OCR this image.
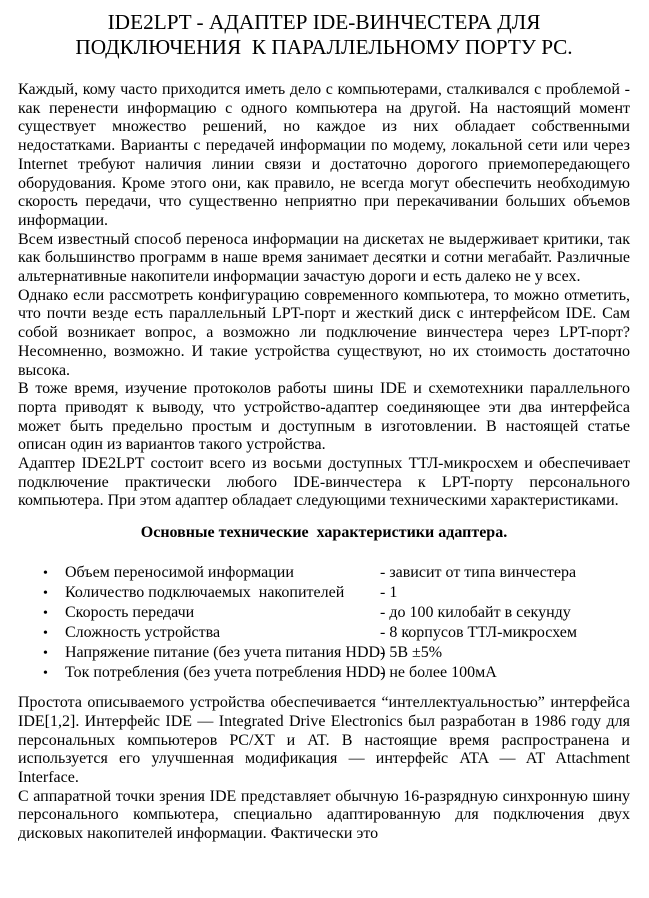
IDE2LPT - АДАПТЕР IDE-ВИНЧЕСТЕРА ДЛЯ
ПОДКЛЮЧЕНИЯ  К ПАРАЛЛЕЛЬНОМУ ПОРТУ PC.

Каждый, кому часто приходится иметь дело с компьютерами, сталкивался с проблемой - как перенести информацию с одного компьютера на другой. На настоящий момент существует множество решений, но каждое из них обладает собственными недостатками. Варианты с передачей информации по модему, локальной сети или через Internet требуют наличия линии связи и достаточно дорогого приемопередающего оборудования. Кроме этого они, как правило, не всегда могут обеспечить необходимую скорость передачи, что существенно неприятно при перекачивании больших объемов информации.

Всем известный способ переноса информации на дискетах не выдерживает критики, так как большинство программ в наше время занимает десятки и сотни мегабайт. Различные альтернативные накопители информации зачастую дороги и есть далеко не у всех.

Однако если рассмотреть конфигурацию современного компьютера, то можно отметить, что почти везде есть параллельный LPT-порт и жесткий диск с интерфейсом IDE. Сам собой возникает вопрос, а возможно ли подключение винчестера через LPT-порт? Несомненно, возможно. И такие устройства существуют, но их стоимость достаточно высока.

В тоже время, изучение протоколов работы шины IDE и схемотехники параллельного порта приводят к выводу, что устройство-адаптер соединяющее эти два интерфейса может быть предельно простым и доступным в изготовлении. В настоящей статье описан один из вариантов такого устройства.

Адаптер IDE2LPT состоит всего из восьми доступных ТТЛ-микросхем и обеспечивает подключение практически любого IDE-винчестера к LPT-порту персонального компьютера. При этом адаптер обладает следующими техническими характеристиками.

Основные технические  характеристики адаптера.
•	Объем переносимой информации	- зависит от типа винчестера
•	Количество подключаемых  накопителей	- 1
•	Скорость передачи	- до 100 килобайт в секунду
•	Сложность устройства	- 8 корпусов ТТЛ-микросхем
•	Напряжение питание (без учета питания HDD)
- 5В ±5%
•	Ток потребления (без учета потребления HDD)
- не более 100мА

Простота описываемого устройства обеспечивается “интеллектуальностью” интерфейса IDE[1,2]. Интерфейс IDE — Integrated Drive Electronics был разработан в 1986 году для персональных компьютеров PC/XT и AT. В настоящие время распространена и используется его улучшенная модификация — интерфейс ATA — AT Attachment Interface.

С аппаратной точки зрения IDE представляет обычную 16-разрядную синхронную шину персонального компьютера, специально адаптированную для подключения двух дисковых накопителей информации. Фактически это
